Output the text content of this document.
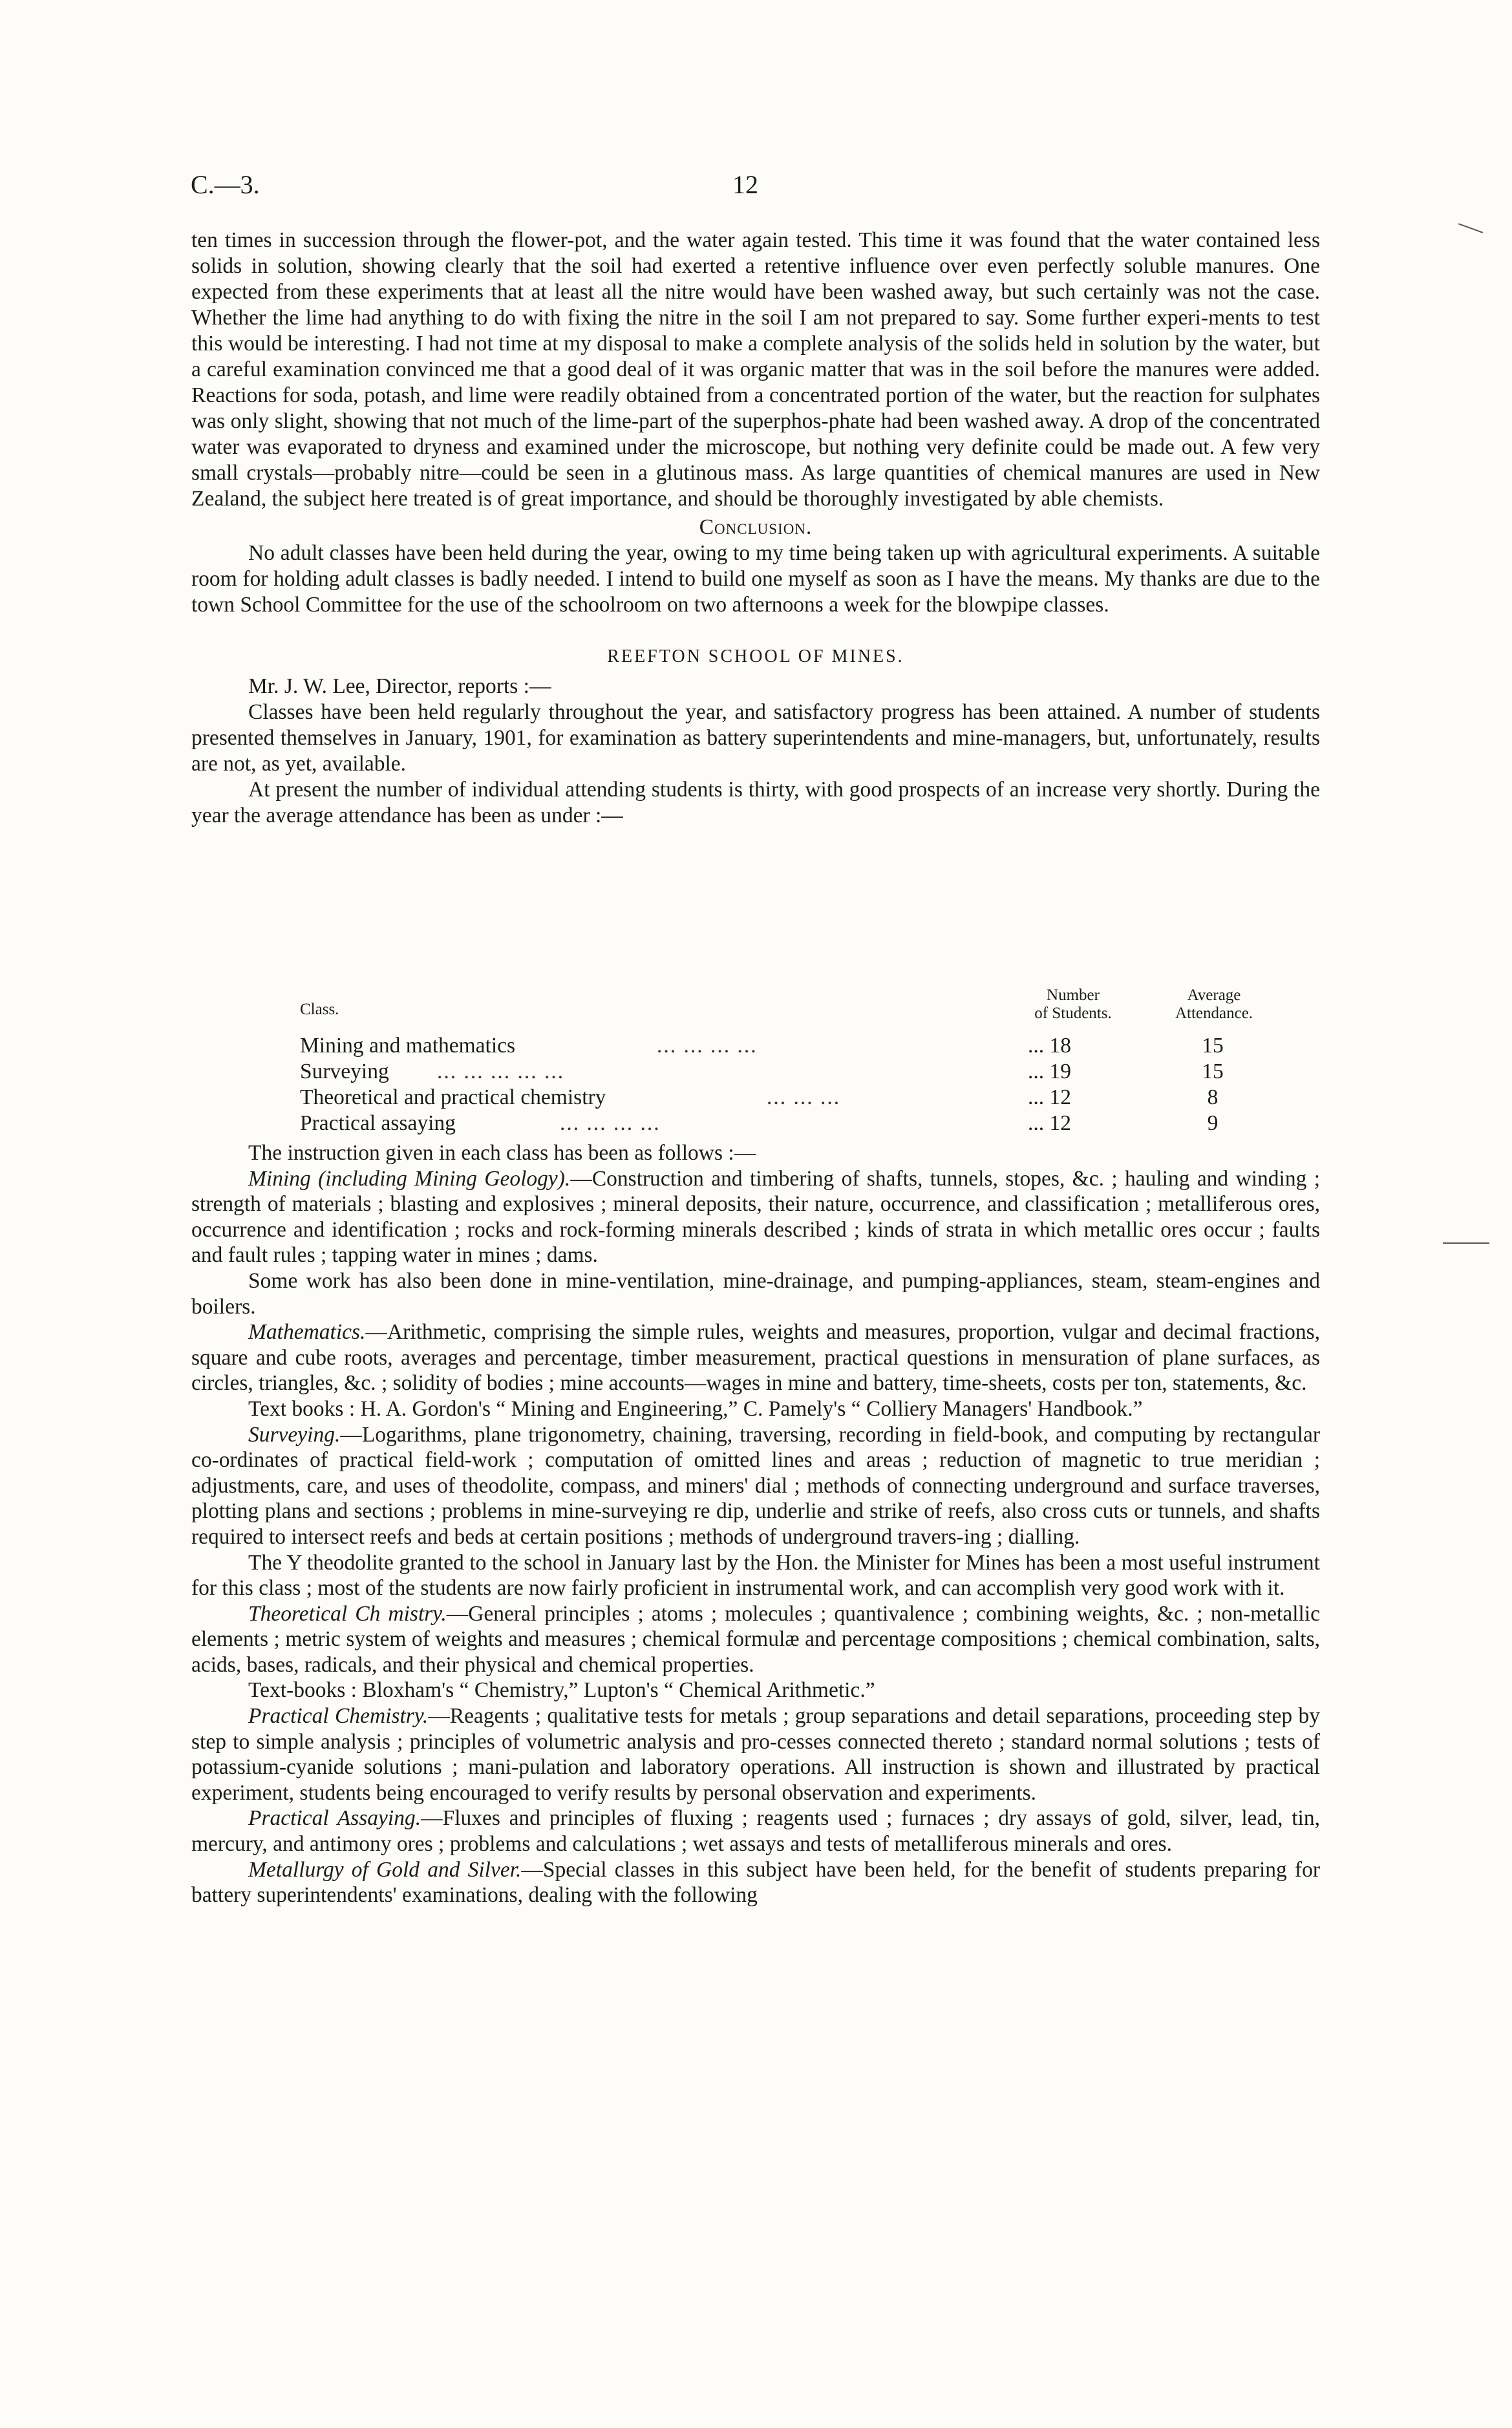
C.—3.	12

ten times in succession through the flower-pot, and the water again tested. This time it was found that the water contained less solids in solution, showing clearly that the soil had exerted a retentive influence over even perfectly soluble manures. One expected from these experiments that at least all the nitre would have been washed away, but such certainly was not the case. Whether the lime had anything to do with fixing the nitre in the soil I am not prepared to say. Some further experi-ments to test this would be interesting. I had not time at my disposal to make a complete analysis of the solids held in solution by the water, but a careful examination convinced me that a good deal of it was organic matter that was in the soil before the manures were added. Reactions for soda, potash, and lime were readily obtained from a concentrated portion of the water, but the reaction for sulphates was only slight, showing that not much of the lime-part of the superphos-phate had been washed away. A drop of the concentrated water was evaporated to dryness and examined under the microscope, but nothing very definite could be made out. A few very small crystals—probably nitre—could be seen in a glutinous mass. As large quantities of chemical manures are used in New Zealand, the subject here treated is of great importance, and should be thoroughly investigated by able chemists.

Conclusion.

No adult classes have been held during the year, owing to my time being taken up with agricultural experiments. A suitable room for holding adult classes is badly needed. I intend to build one myself as soon as I have the means. My thanks are due to the town School Committee for the use of the schoolroom on two afternoons a week for the blowpipe classes.

REEFTON SCHOOL OF MINES.

Mr. J. W. Lee, Director, reports :—

Classes have been held regularly throughout the year, and satisfactory progress has been attained. A number of students presented themselves in January, 1901, for examination as battery superintendents and mine-managers, but, unfortunately, results are not, as yet, available.

At present the number of individual attending students is thirty, with good prospects of an increase very shortly. During the year the average attendance has been as under :—

Class.
Number
of Students.
Average
Attendance.
Mining and mathematics	... ... ... ...	... 18	15
Surveying ... ... ... ... ...	... 19	15
Theoretical and practical chemistry	... ... ...	... 12	8
Practical assaying	... ... ... ...	... 12	9

The instruction given in each class has been as follows :—

Mining (including Mining Geology).—Construction and timbering of shafts, tunnels, stopes, &c. ; hauling and winding ; strength of materials ; blasting and explosives ; mineral deposits, their nature, occurrence, and classification ; metalliferous ores, occurrence and identification ; rocks and rock-forming minerals described ; kinds of strata in which metallic ores occur ; faults and fault rules ; tapping water in mines ; dams.

Some work has also been done in mine-ventilation, mine-drainage, and pumping-appliances, steam, steam-engines and boilers.

Mathematics.—Arithmetic, comprising the simple rules, weights and measures, proportion, vulgar and decimal fractions, square and cube roots, averages and percentage, timber measurement, practical questions in mensuration of plane surfaces, as circles, triangles, &c. ; solidity of bodies ; mine accounts—wages in mine and battery, time-sheets, costs per ton, statements, &c.

Text books : H. A. Gordon's “ Mining and Engineering,” C. Pamely's “ Colliery Managers' Handbook.”

Surveying.—Logarithms, plane trigonometry, chaining, traversing, recording in field-book, and computing by rectangular co-ordinates of practical field-work ; computation of omitted lines and areas ; reduction of magnetic to true meridian ; adjustments, care, and uses of theodolite, compass, and miners' dial ; methods of connecting underground and surface traverses, plotting plans and sections ; problems in mine-surveying re dip, underlie and strike of reefs, also cross cuts or tunnels, and shafts required to intersect reefs and beds at certain positions ; methods of underground travers-ing ; dialling.

The Y theodolite granted to the school in January last by the Hon. the Minister for Mines has been a most useful instrument for this class ; most of the students are now fairly proficient in instrumental work, and can accomplish very good work with it.

Theoretical Ch mistry.—General principles ; atoms ; molecules ; quantivalence ; combining weights, &c. ; non-metallic elements ; metric system of weights and measures ; chemical formulæ and percentage compositions ; chemical combination, salts, acids, bases, radicals, and their physical and chemical properties.

Text-books : Bloxham's “ Chemistry,” Lupton's “ Chemical Arithmetic.”

Practical Chemistry.—Reagents ; qualitative tests for metals ; group separations and detail separations, proceeding step by step to simple analysis ; principles of volumetric analysis and pro-cesses connected thereto ; standard normal solutions ; tests of potassium-cyanide solutions ; mani-pulation and laboratory operations. All instruction is shown and illustrated by practical experiment, students being encouraged to verify results by personal observation and experiments.

Practical Assaying.—Fluxes and principles of fluxing ; reagents used ; furnaces ; dry assays of gold, silver, lead, tin, mercury, and antimony ores ; problems and calculations ; wet assays and tests of metalliferous minerals and ores.

Metallurgy of Gold and Silver.—Special classes in this subject have been held, for the benefit of students preparing for battery superintendents' examinations, dealing with the following
